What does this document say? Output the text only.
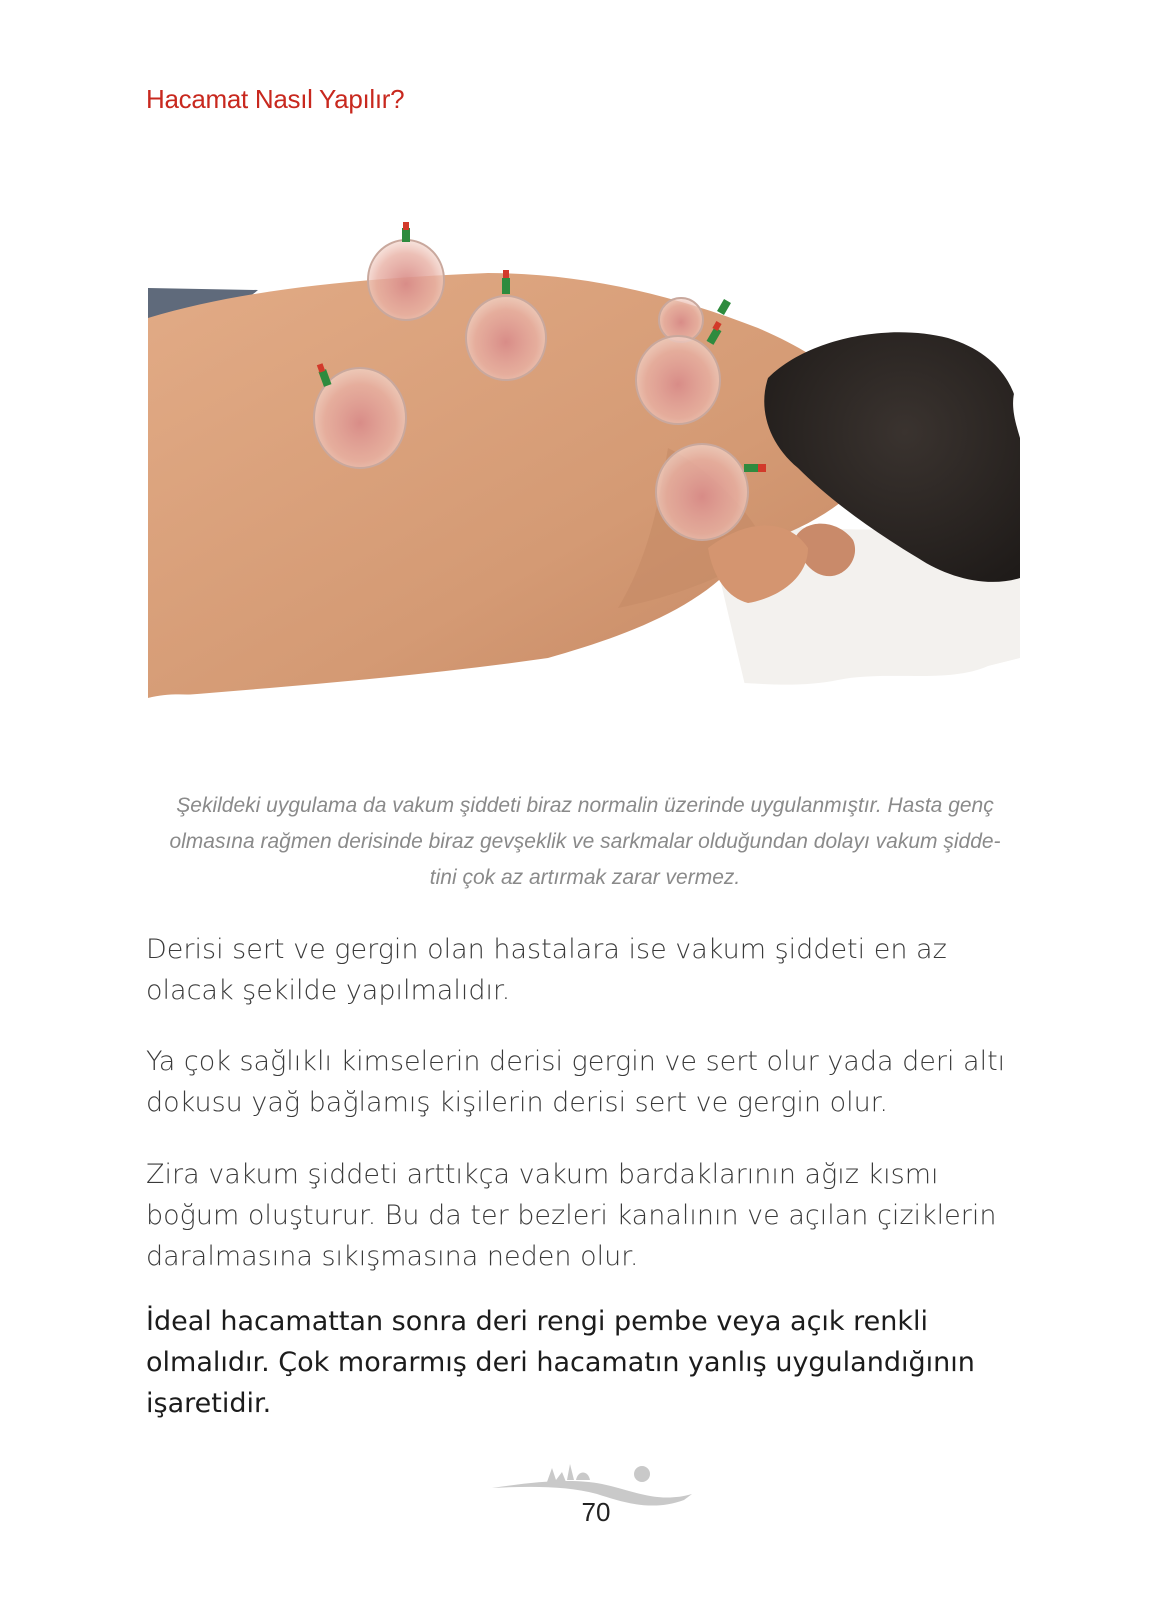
Hacamat Nasıl Yapılır?

Şekildeki uygulama da vakum şiddeti biraz normalin üzerinde uygulanmıştır. Hasta genç
olmasına rağmen derisinde biraz gevşeklik ve sarkmalar olduğundan dolayı vakum şidde-
tini çok az artırmak zarar vermez.

Derisi sert ve gergin olan hastalara ise vakum şiddeti en az olacak şekilde yapılmalıdır.

Ya çok sağlıklı kimselerin derisi gergin ve sert olur yada deri altı dokusu yağ bağlamış kişilerin derisi sert ve gergin olur.

Zira vakum şiddeti arttıkça vakum bardaklarının ağız kısmı boğum oluşturur. Bu da ter bezleri kanalının ve açılan çiziklerin daralmasına sıkışmasına neden olur.

İdeal hacamattan sonra deri rengi pembe veya açık renkli olmalıdır. Çok morarmış deri hacamatın yanlış uygulandığının işaretidir.

70
